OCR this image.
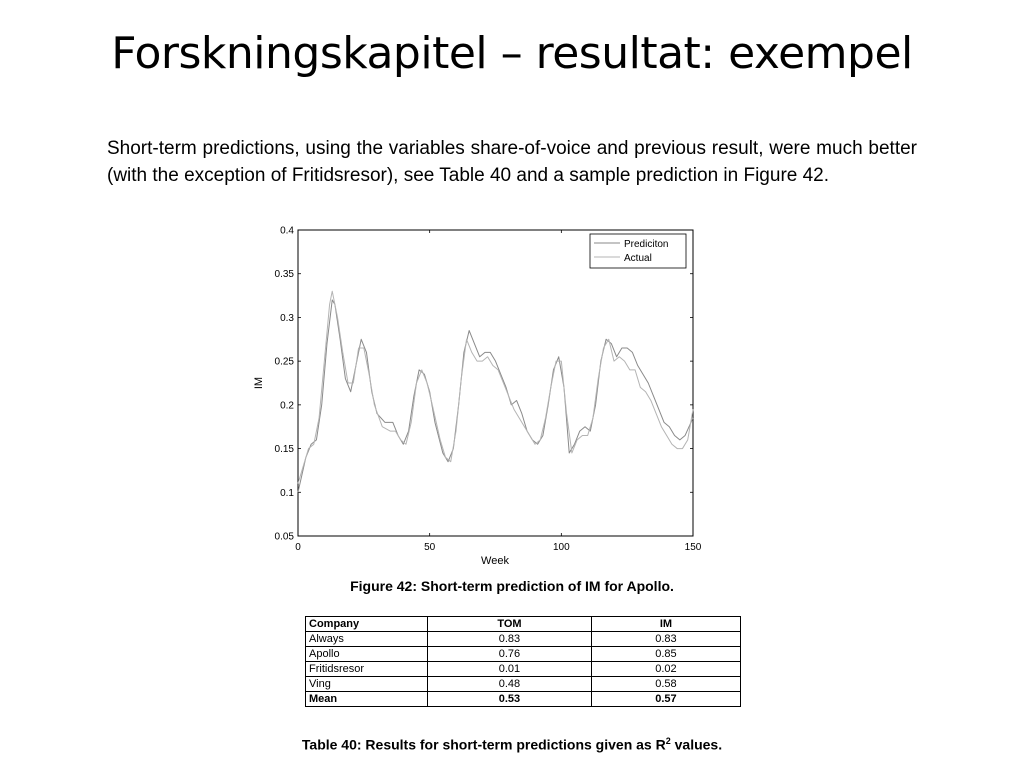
Forskningskapitel – resultat: exempel
Short-term predictions, using the variables share-of-voice and previous result, were much better (with the exception of Fritidsresor), see Table 40 and a sample prediction in Figure 42.
0	50	100	150
0.05
0.1
0.15
0.2
0.25
0.3
0.35
0.4
Prediciton
Actual
Week
IM
Figure 42: Short-term prediction of IM for Apollo.
Company	TOM	IM
Always	0.83	0.83
Apollo	0.76	0.85
Fritidsresor	0.01	0.02
Ving	0.48	0.58
Mean	0.53	0.57
Table 40: Results for short-term predictions given as $R^2$ values.
